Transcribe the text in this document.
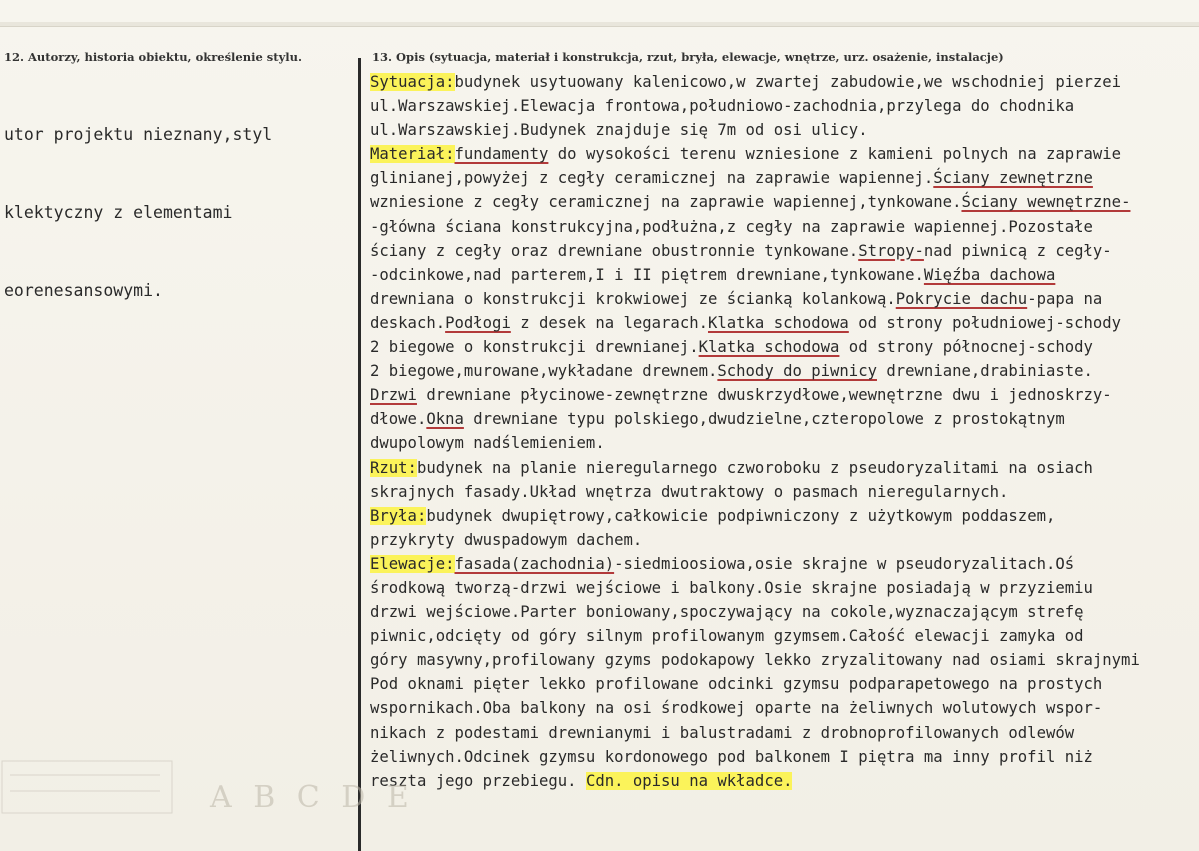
12. Autorzy, historia obiektu, określenie stylu.	13. Opis (sytuacja, materiał i konstrukcja, rzut, bryła, elewacje, wnętrze, urz. osażenie, instalacje)

utor projektu nieznany,styl

klektyczny z elementami

eorenesansowymi.

Sytuacja:budynek usytuowany kalenicowo,w zwartej zabudowie,we wschodniej pierzei
ul.Warszawskiej.Elewacja frontowa,południowo-zachodnia,przylega do chodnika
ul.Warszawskiej.Budynek znajduje się 7m od osi ulicy.
Materiał:fundamenty do wysokości terenu wzniesione z kamieni polnych na zaprawie
glinianej,powyżej z cegły ceramicznej na zaprawie wapiennej.Ściany zewnętrzne
wzniesione z cegły ceramicznej na zaprawie wapiennej,tynkowane.Ściany wewnętrzne-
-główna ściana konstrukcyjna,podłużna,z cegły na zaprawie wapiennej.Pozostałe
ściany z cegły oraz drewniane obustronnie tynkowane.Stropy-nad piwnicą z cegły-
-odcinkowe,nad parterem,I i II piętrem drewniane,tynkowane.Więźba dachowa
drewniana o konstrukcji krokwiowej ze ścianką kolankową.Pokrycie dachu-papa na
deskach.Podłogi z desek na legarach.Klatka schodowa od strony południowej-schody
2 biegowe o konstrukcji drewnianej.Klatka schodowa od strony północnej-schody
2 biegowe,murowane,wykładane drewnem.Schody do piwnicy drewniane,drabiniaste.
Drzwi drewniane płycinowe-zewnętrzne dwuskrzydłowe,wewnętrzne dwu i jednoskrzy-
dłowe.Okna drewniane typu polskiego,dwudzielne,czteropolowe z prostokątnym
dwupolowym nadślemieniem.
Rzut:budynek na planie nieregularnego czworoboku z pseudoryzalitami na osiach
skrajnych fasady.Układ wnętrza dwutraktowy o pasmach nieregularnych.
Bryła:budynek dwupiętrowy,całkowicie podpiwniczony z użytkowym poddaszem,
przykryty dwuspadowym dachem.
Elewacje:fasada(zachodnia)-siedmioosiowa,osie skrajne w pseudoryzalitach.Oś
środkową tworzą-drzwi wejściowe i balkony.Osie skrajne posiadają w przyziemiu
drzwi wejściowe.Parter boniowany,spoczywający na cokole,wyznaczającym strefę
piwnic,odcięty od góry silnym profilowanym gzymsem.Całość elewacji zamyka od
góry masywny,profilowany gzyms podokapowy lekko zryzalitowany nad osiami skrajnymi
Pod oknami pięter lekko profilowane odcinki gzymsu podparapetowego na prostych
wspornikach.Oba balkony na osi środkowej oparte na żeliwnych wolutowych wspor-
nikach z podestami drewnianymi i balustradami z drobnoprofilowanych odlewów
żeliwnych.Odcinek gzymsu kordonowego pod balkonem I piętra ma inny profil niż
reszta jego przebiegu. Cdn. opisu na wkładce.
A B C D E
